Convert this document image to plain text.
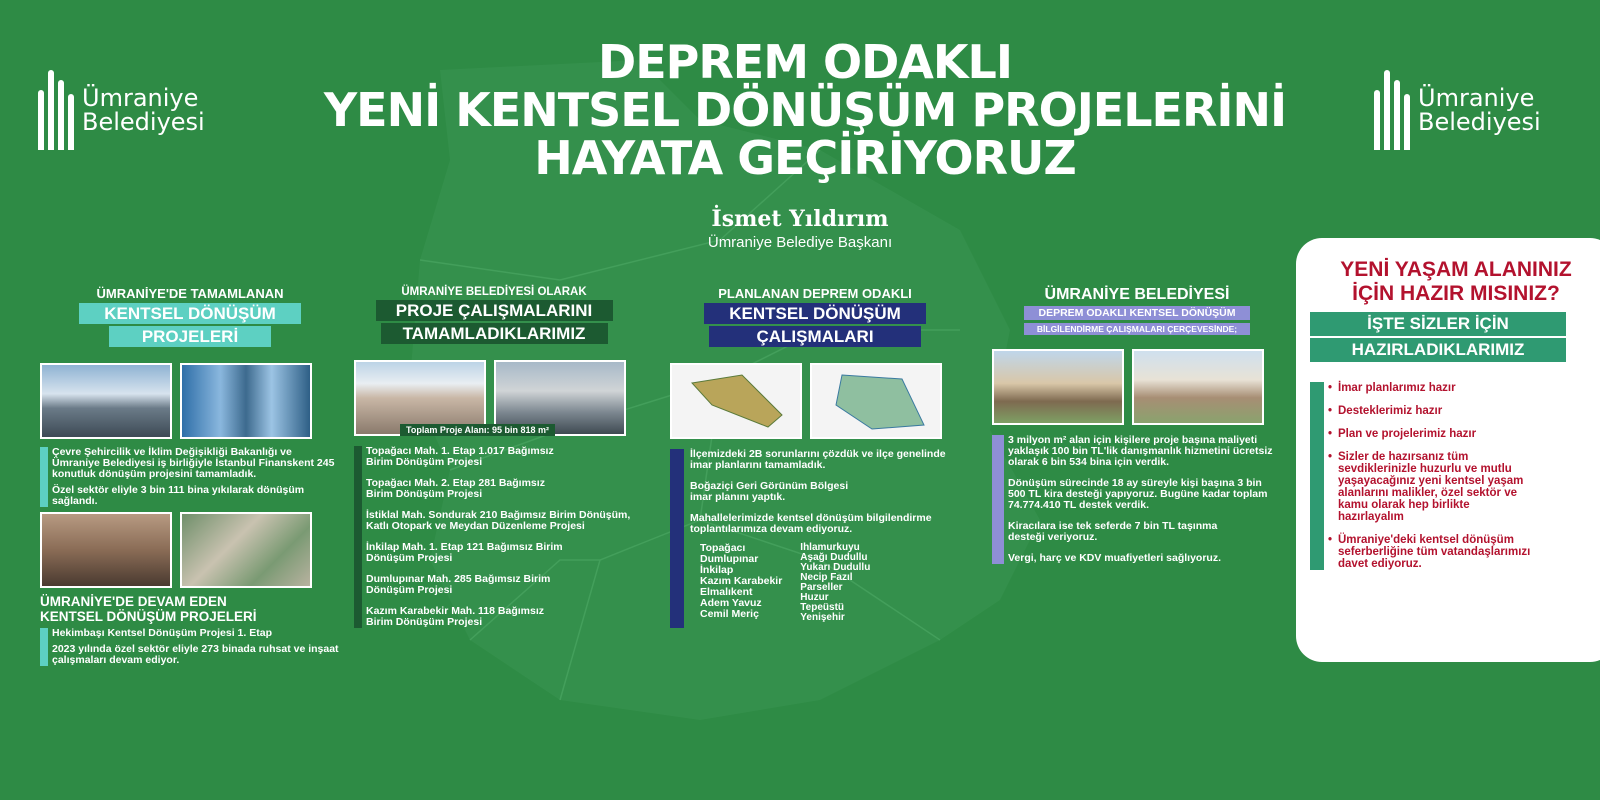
Ümraniye
Belediyesi
Ümraniye
Belediyesi
DEPREM ODAKLI
YENİ KENTSEL DÖNÜŞÜM PROJELERİNİ
HAYATA GEÇİRİYORUZ
İsmet Yıldırım
Ümraniye Belediye Başkanı
ÜMRANİYE'DE TAMAMLANAN
KENTSEL DÖNÜŞÜM
PROJELERİ
Çevre Şehircilik ve İklim Değişikliği Bakanlığı ve Ümraniye Belediyesi iş birliğiyle İstanbul Finanskent 245 konutluk dönüşüm projesini tamamladık.
Özel sektör eliyle 3 bin 111 bina yıkılarak dönüşüm sağlandı.
ÜMRANİYE'DE DEVAM EDEN
KENTSEL DÖNÜŞÜM PROJELERİ
Hekimbaşı Kentsel Dönüşüm Projesi 1. Etap
2023 yılında özel sektör eliyle 273 binada ruhsat ve inşaat çalışmaları devam ediyor.
ÜMRANİYE BELEDİYESİ OLARAK
PROJE ÇALIŞMALARINI
TAMAMLADIKLARIMIZ
Toplam Proje Alanı: 95 bin 818 m²
Topağacı Mah. 1. Etap 1.017 Bağımsız Birim Dönüşüm Projesi
Topağacı Mah. 2. Etap 281 Bağımsız Birim Dönüşüm Projesi
İstiklal Mah. Sondurak 210 Bağımsız Birim Dönüşüm, Katlı Otopark ve Meydan Düzenleme Projesi
İnkilap Mah. 1. Etap 121 Bağımsız Birim Dönüşüm Projesi
Dumlupınar Mah. 285 Bağımsız Birim Dönüşüm Projesi
Kazım Karabekir Mah. 118 Bağımsız Birim Dönüşüm Projesi
PLANLANAN DEPREM ODAKLI
KENTSEL DÖNÜŞÜM
ÇALIŞMALARI
İlçemizdeki 2B sorunlarını çözdük ve ilçe genelinde imar planlarını tamamladık.
Boğaziçi Geri Görünüm Bölgesi imar planını yaptık.
Mahallelerimizde kentsel dönüşüm bilgilendirme toplantılarımıza devam ediyoruz.
Topağacı
Dumlupınar
İnkilap
Kazım Karabekir
Elmalıkent
Adem Yavuz
Cemil Meriç
Ihlamurkuyu
Aşağı Dudullu
Yukarı Dudullu
Necip Fazıl
Parseller
Huzur
Tepeüstü
Yenişehir
ÜMRANİYE BELEDİYESİ
DEPREM ODAKLI KENTSEL DÖNÜŞÜM
BİLGİLENDİRME ÇALIŞMALARI ÇERÇEVESİNDE;
3 milyon m² alan için kişilere proje başına maliyeti yaklaşık 100 bin TL'lik danışmanlık hizmetini ücretsiz olarak 6 bin 534 bina için verdik.
Dönüşüm sürecinde 18 ay süreyle kişi başına 3 bin 500 TL kira desteği yapıyoruz. Bugüne kadar toplam 74.774.410 TL destek verdik.
Kiracılara ise tek seferde 7 bin TL taşınma desteği veriyoruz.
Vergi, harç ve KDV muafiyetleri sağlıyoruz.
YENİ YAŞAM ALANINIZ İÇİN HAZIR MISINIZ?
İŞTE SİZLER İÇİN
HAZIRLADIKLARIMIZ
• İmar planlarımız hazır
• Desteklerimiz hazır
• Plan ve projelerimiz hazır
• Sizler de hazırsanız tüm sevdiklerinizle huzurlu ve mutlu yaşayacağınız yeni kentsel yaşam alanlarını malikler, özel sektör ve kamu olarak hep birlikte hazırlayalım
• Ümraniye'deki kentsel dönüşüm seferberliğine tüm vatandaşlarımızı davet ediyoruz.
